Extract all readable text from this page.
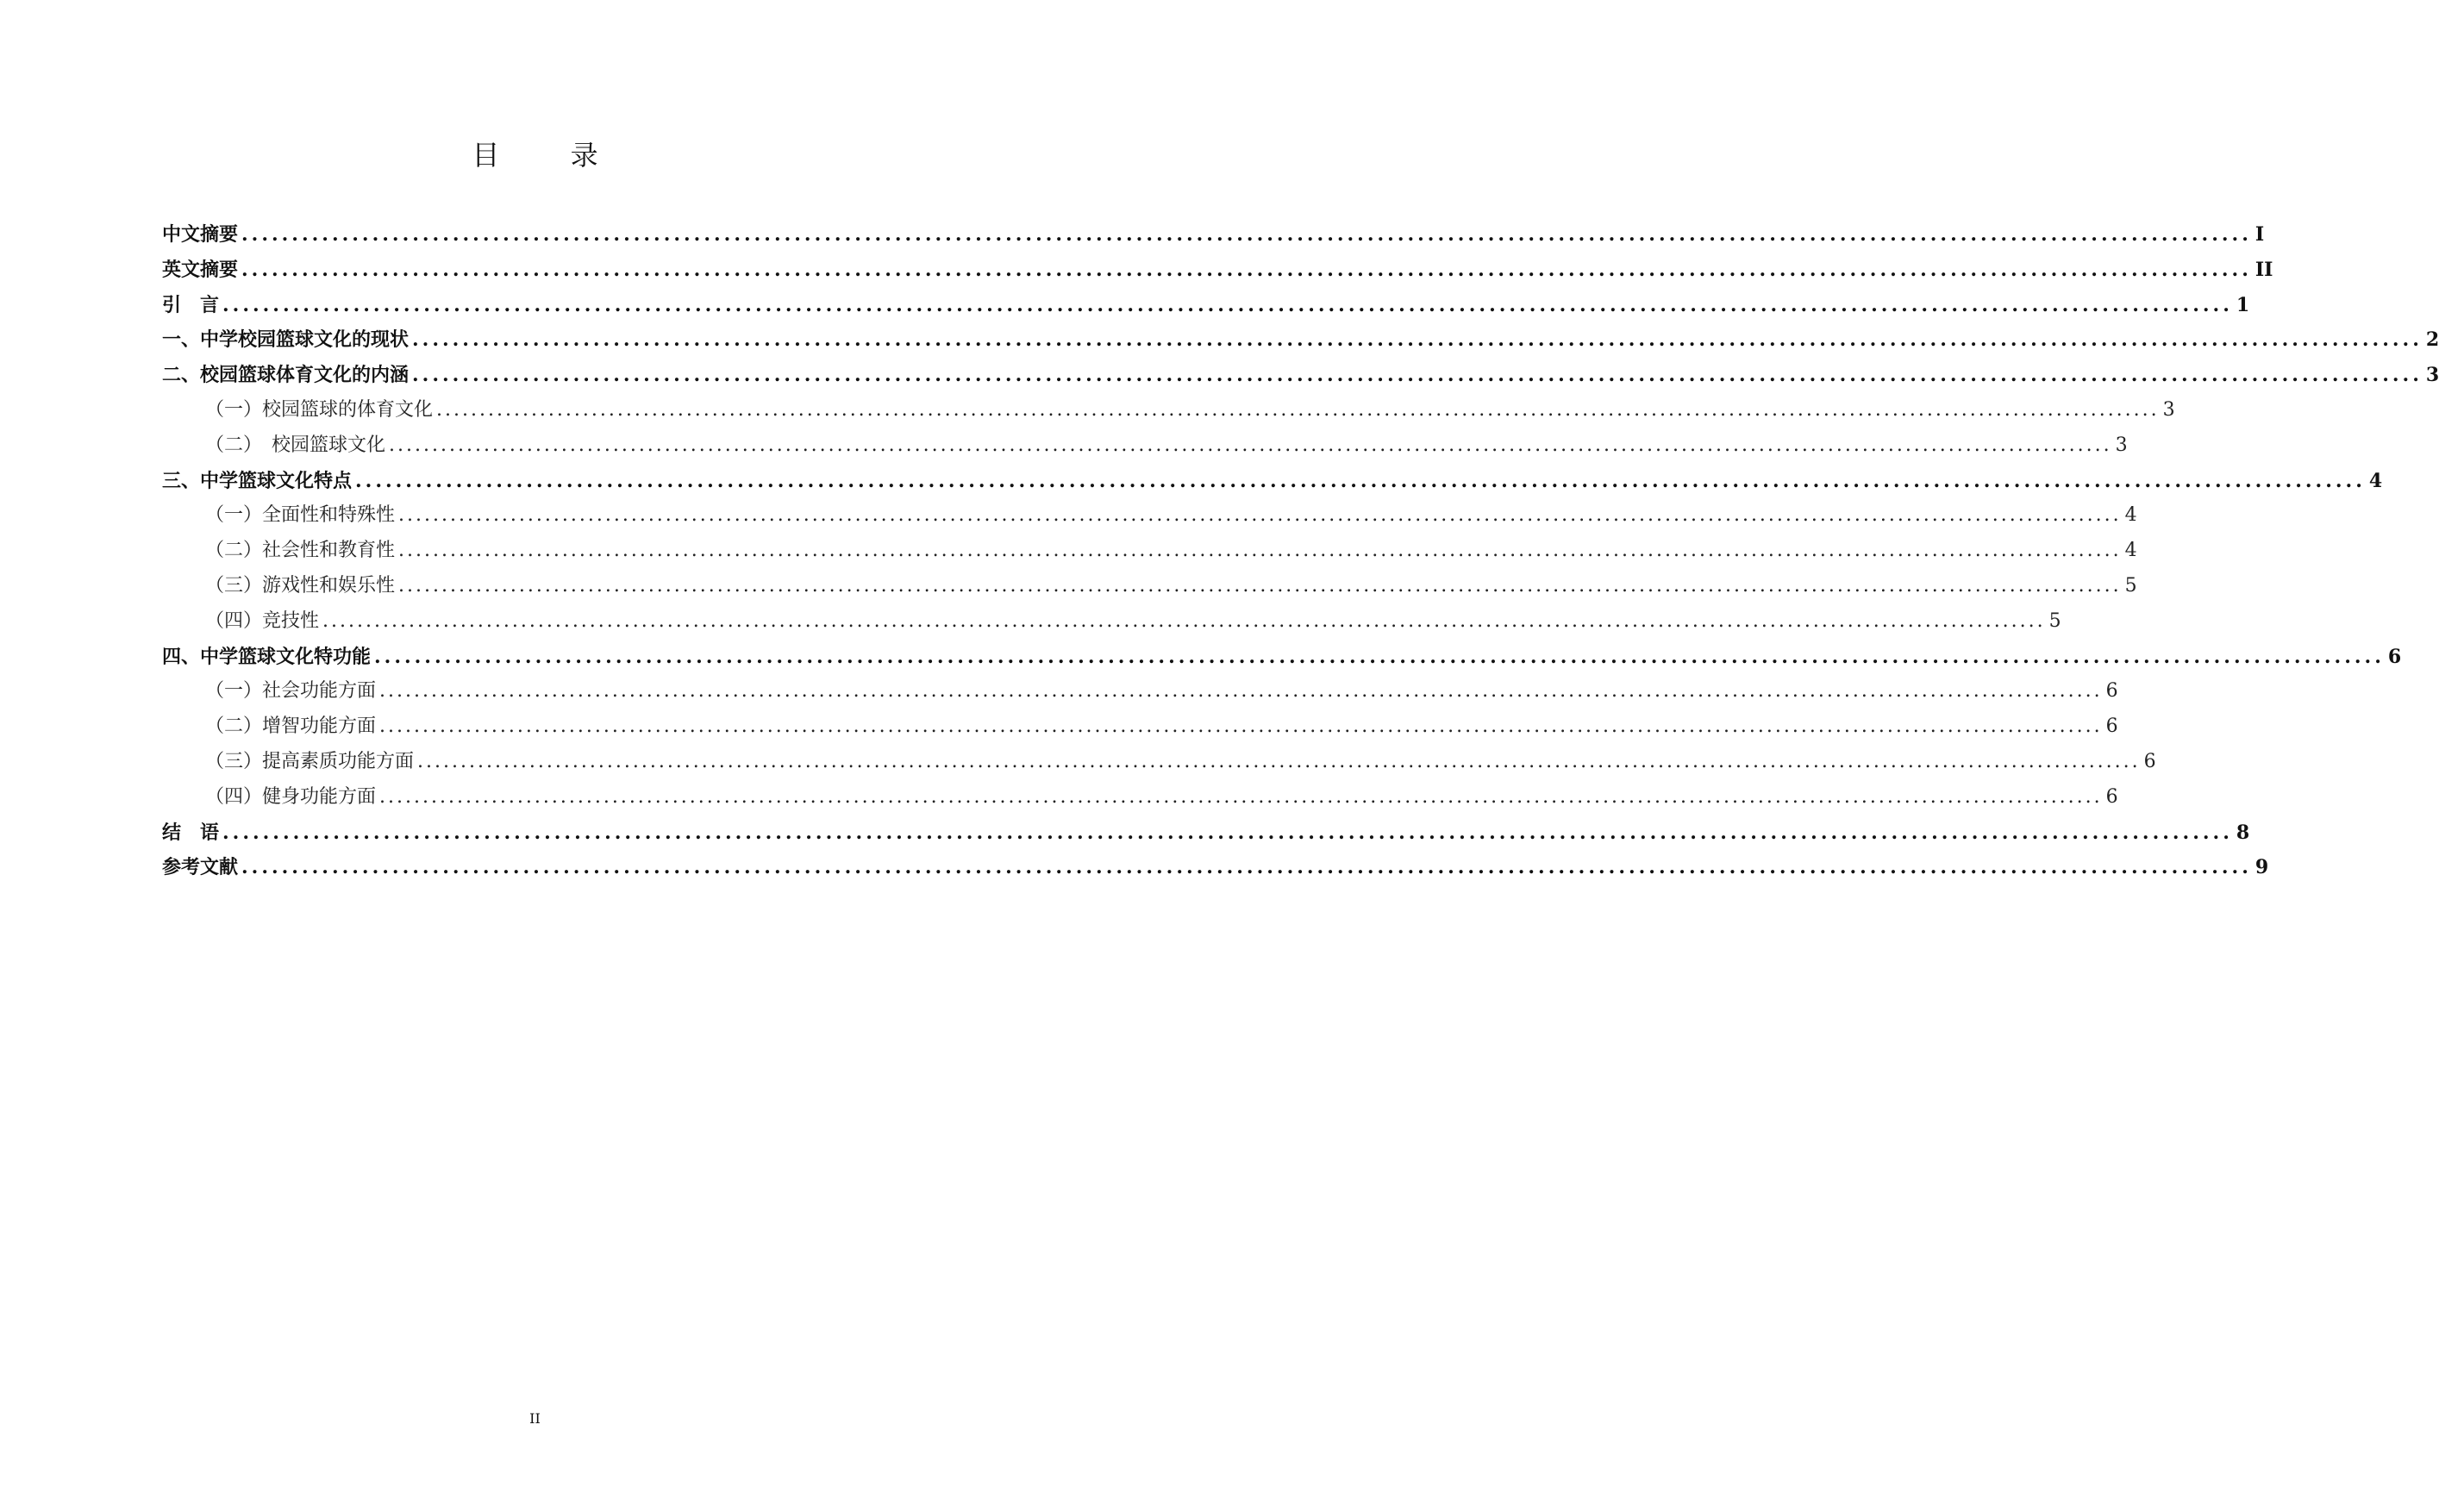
目 录
中文摘要 ........................................................................................................................................................................................................ I
英文摘要 ........................................................................................................................................................................................................ II
引　言 ........................................................................................................................................................................................................ 1
一、中学校园篮球文化的现状 ........................................................................................................................................................................................................ 2
二、校园篮球体育文化的内涵 ........................................................................................................................................................................................................ 3
（一）校园篮球的体育文化 ........................................................................................................................................................................................................ 3
（二）　校园篮球文化 ........................................................................................................................................................................................................ 3
三、中学篮球文化特点 ........................................................................................................................................................................................................ 4
（一）全面性和特殊性 ........................................................................................................................................................................................................ 4
（二）社会性和教育性 ........................................................................................................................................................................................................ 4
（三）游戏性和娱乐性 ........................................................................................................................................................................................................ 5
（四）竞技性 ........................................................................................................................................................................................................ 5
四、中学篮球文化特功能 ........................................................................................................................................................................................................ 6
（一）社会功能方面 ........................................................................................................................................................................................................ 6
（二）增智功能方面 ........................................................................................................................................................................................................ 6
（三）提高素质功能方面 ........................................................................................................................................................................................................ 6
（四）健身功能方面 ........................................................................................................................................................................................................ 6
结　语 ........................................................................................................................................................................................................ 8
参考文献 ........................................................................................................................................................................................................ 9
II
